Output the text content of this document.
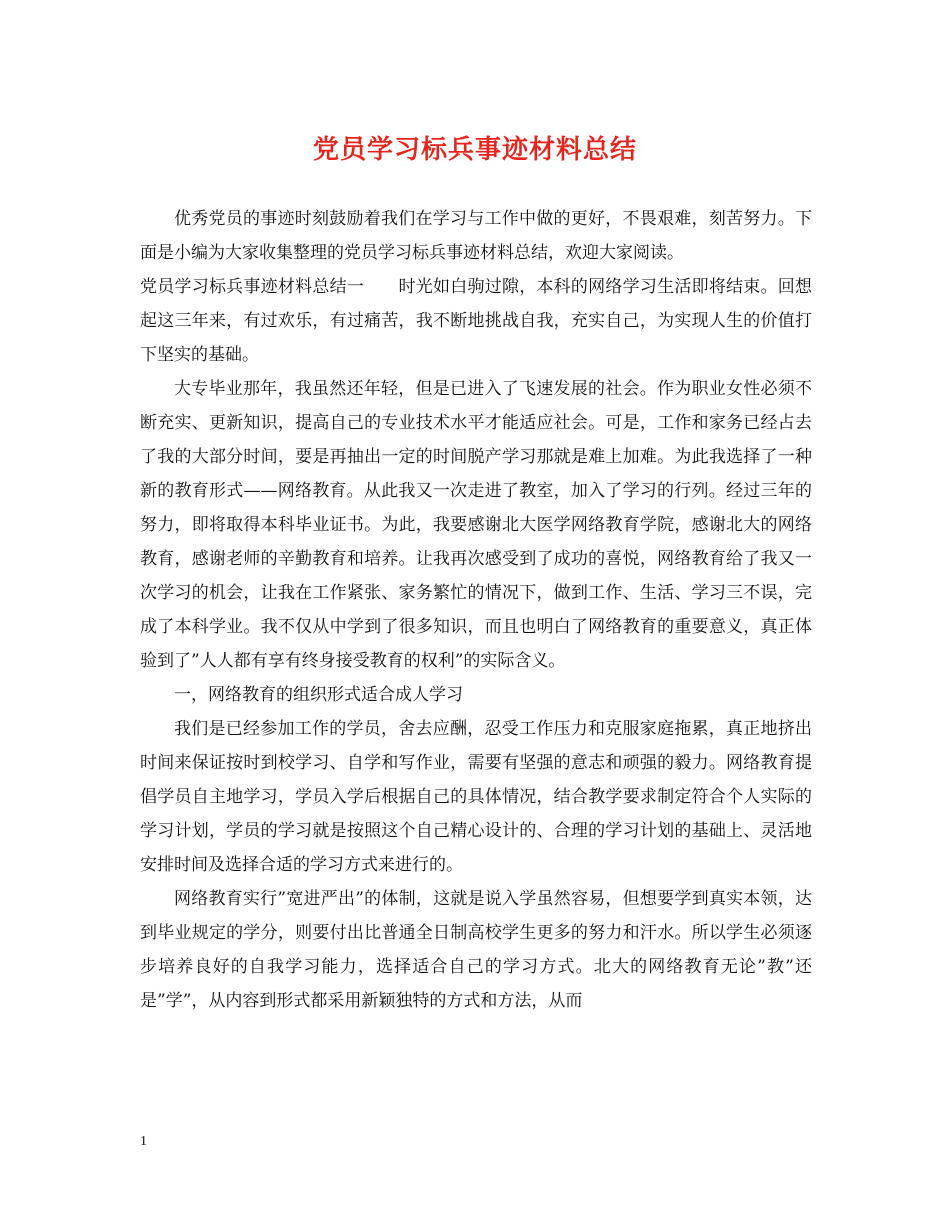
党员学习标兵事迹材料总结

优秀党员的事迹时刻鼓励着我们在学习与工作中做的更好，不畏艰难，刻苦努力。下面是小编为大家收集整理的党员学习标兵事迹材料总结，欢迎大家阅读。

党员学习标兵事迹材料总结一　　时光如白驹过隙，本科的网络学习生活即将结束。回想起这三年来，有过欢乐，有过痛苦，我不断地挑战自我，充实自己，为实现人生的价值打下坚实的基础。

大专毕业那年，我虽然还年轻，但是已进入了飞速发展的社会。作为职业女性必须不断充实、更新知识，提高自己的专业技术水平才能适应社会。可是，工作和家务已经占去了我的大部分时间，要是再抽出一定的时间脱产学习那就是难上加难。为此我选择了一种新的教育形式——网络教育。从此我又一次走进了教室，加入了学习的行列。经过三年的努力，即将取得本科毕业证书。为此，我要感谢北大医学网络教育学院，感谢北大的网络教育，感谢老师的辛勤教育和培养。让我再次感受到了成功的喜悦，网络教育给了我又一次学习的机会，让我在工作紧张、家务繁忙的情况下，做到工作、生活、学习三不误，完成了本科学业。我不仅从中学到了很多知识，而且也明白了网络教育的重要意义，真正体验到了”人人都有享有终身接受教育的权利”的实际含义。

一，网络教育的组织形式适合成人学习

我们是已经参加工作的学员，舍去应酬，忍受工作压力和克服家庭拖累，真正地挤出时间来保证按时到校学习、自学和写作业，需要有坚强的意志和顽强的毅力。网络教育提倡学员自主地学习，学员入学后根据自己的具体情况，结合教学要求制定符合个人实际的学习计划，学员的学习就是按照这个自己精心设计的、合理的学习计划的基础上、灵活地安排时间及选择合适的学习方式来进行的。

网络教育实行”宽进严出”的体制，这就是说入学虽然容易，但想要学到真实本领，达到毕业规定的学分，则要付出比普通全日制高校学生更多的努力和汗水。所以学生必须逐步培养良好的自我学习能力，选择适合自己的学习方式。北大的网络教育无论”教”还是”学”，从内容到形式都采用新颖独特的方式和方法，从而

1
